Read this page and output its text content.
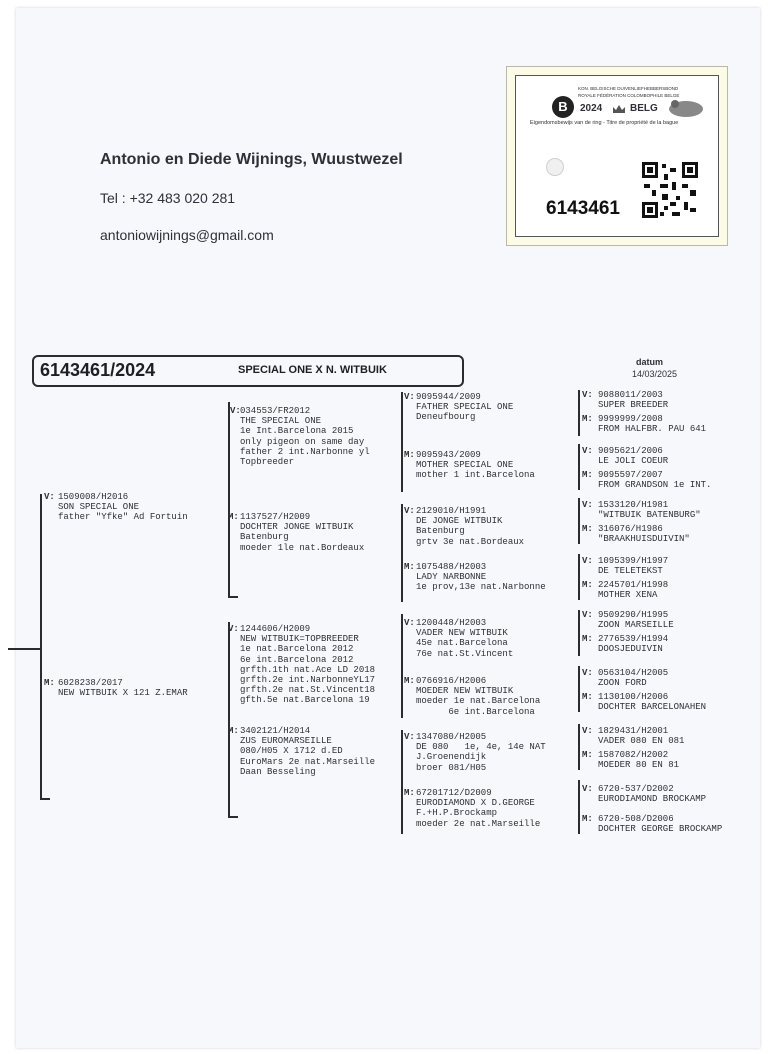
Antonio en Diede Wijnings, Wuustwezel
Tel : +32 483 020 281
antoniowijnings@gmail.com
B
KON. BELGISCHE DUIVENLIEFHEBBERSBOND
ROYALE FÉDÉRATION COLOMBOPHILE BELGE
2024	BELG
Eigendomsbewijs van de ring - Titre de propriété de la bague
6143461
6143461/2024	SPECIAL ONE X N. WITBUIK
datum
14/03/2025
V: 1509008/H2016
SON SPECIAL ONE
father "Yfke" Ad Fortuin
M: 6028238/2017
NEW WITBUIK X 121 Z.EMAR
V: 034553/FR2012
THE SPECIAL ONE
1e Int.Barcelona 2015
only pigeon on same day
father 2 int.Narbonne yl
Topbreeder
M: 1137527/H2009
DOCHTER JONGE WITBUIK
Batenburg
moeder 1le nat.Bordeaux
V: 1244606/H2009
NEW WITBUIK=TOPBREEDER
1e nat.Barcelona 2012
6e int.Barcelona 2012
grfth.1th nat.Ace LD 2018
grfth.2e int.NarbonneYL17
grfth.2e nat.St.Vincent18
gfth.5e nat.Barcelona 19
M: 3402121/H2014
ZUS EUROMARSEILLE
080/H05 X 1712 d.ED
EuroMars 2e nat.Marseille
Daan Besseling
V: 9095944/2009
FATHER SPECIAL ONE
Deneufbourg
M: 9095943/2009
MOTHER SPECIAL ONE
mother 1 int.Barcelona
V: 2129010/H1991
DE JONGE WITBUIK
Batenburg
grtv 3e nat.Bordeaux
M: 1075488/H2003
LADY NARBONNE
1e prov,13e nat.Narbonne
V: 1200448/H2003
VADER NEW WITBUIK
45e nat.Barcelona
76e nat.St.Vincent
M: 0766916/H2006
MOEDER NEW WITBUIK
moeder 1e nat.Barcelona
6e int.Barcelona
V: 1347080/H2005
DE 080   1e, 4e, 14e NAT
J.Groenendijk
broer 081/H05
M: 67201712/D2009
EURODIAMOND X D.GEORGE
F.+H.P.Brockamp
moeder 2e nat.Marseille
V: 9088011/2003
SUPER BREEDER
M: 9999999/2008
FROM HALFBR. PAU 641
V: 9095621/2006
LE JOLI COEUR
M: 9095597/2007
FROM GRANDSON 1e INT.
V: 1533120/H1981
"WITBUIK BATENBURG"
M: 316076/H1986
"BRAAKHUISDUIVIN"
V: 1095399/H1997
DE TELETEKST
M: 2245701/H1998
MOTHER XENA
V: 9509290/H1995
ZOON MARSEILLE
M: 2776539/H1994
DOOSJEDUIVIN
V: 0563104/H2005
ZOON FORD
M: 1130100/H2006
DOCHTER BARCELONAHEN
V: 1829431/H2001
VADER 080 EN 081
M: 1587082/H2002
MOEDER 80 EN 81
V: 6720-537/D2002
EURODIAMOND BROCKAMP
M: 6720-508/D2006
DOCHTER GEORGE BROCKAMP
